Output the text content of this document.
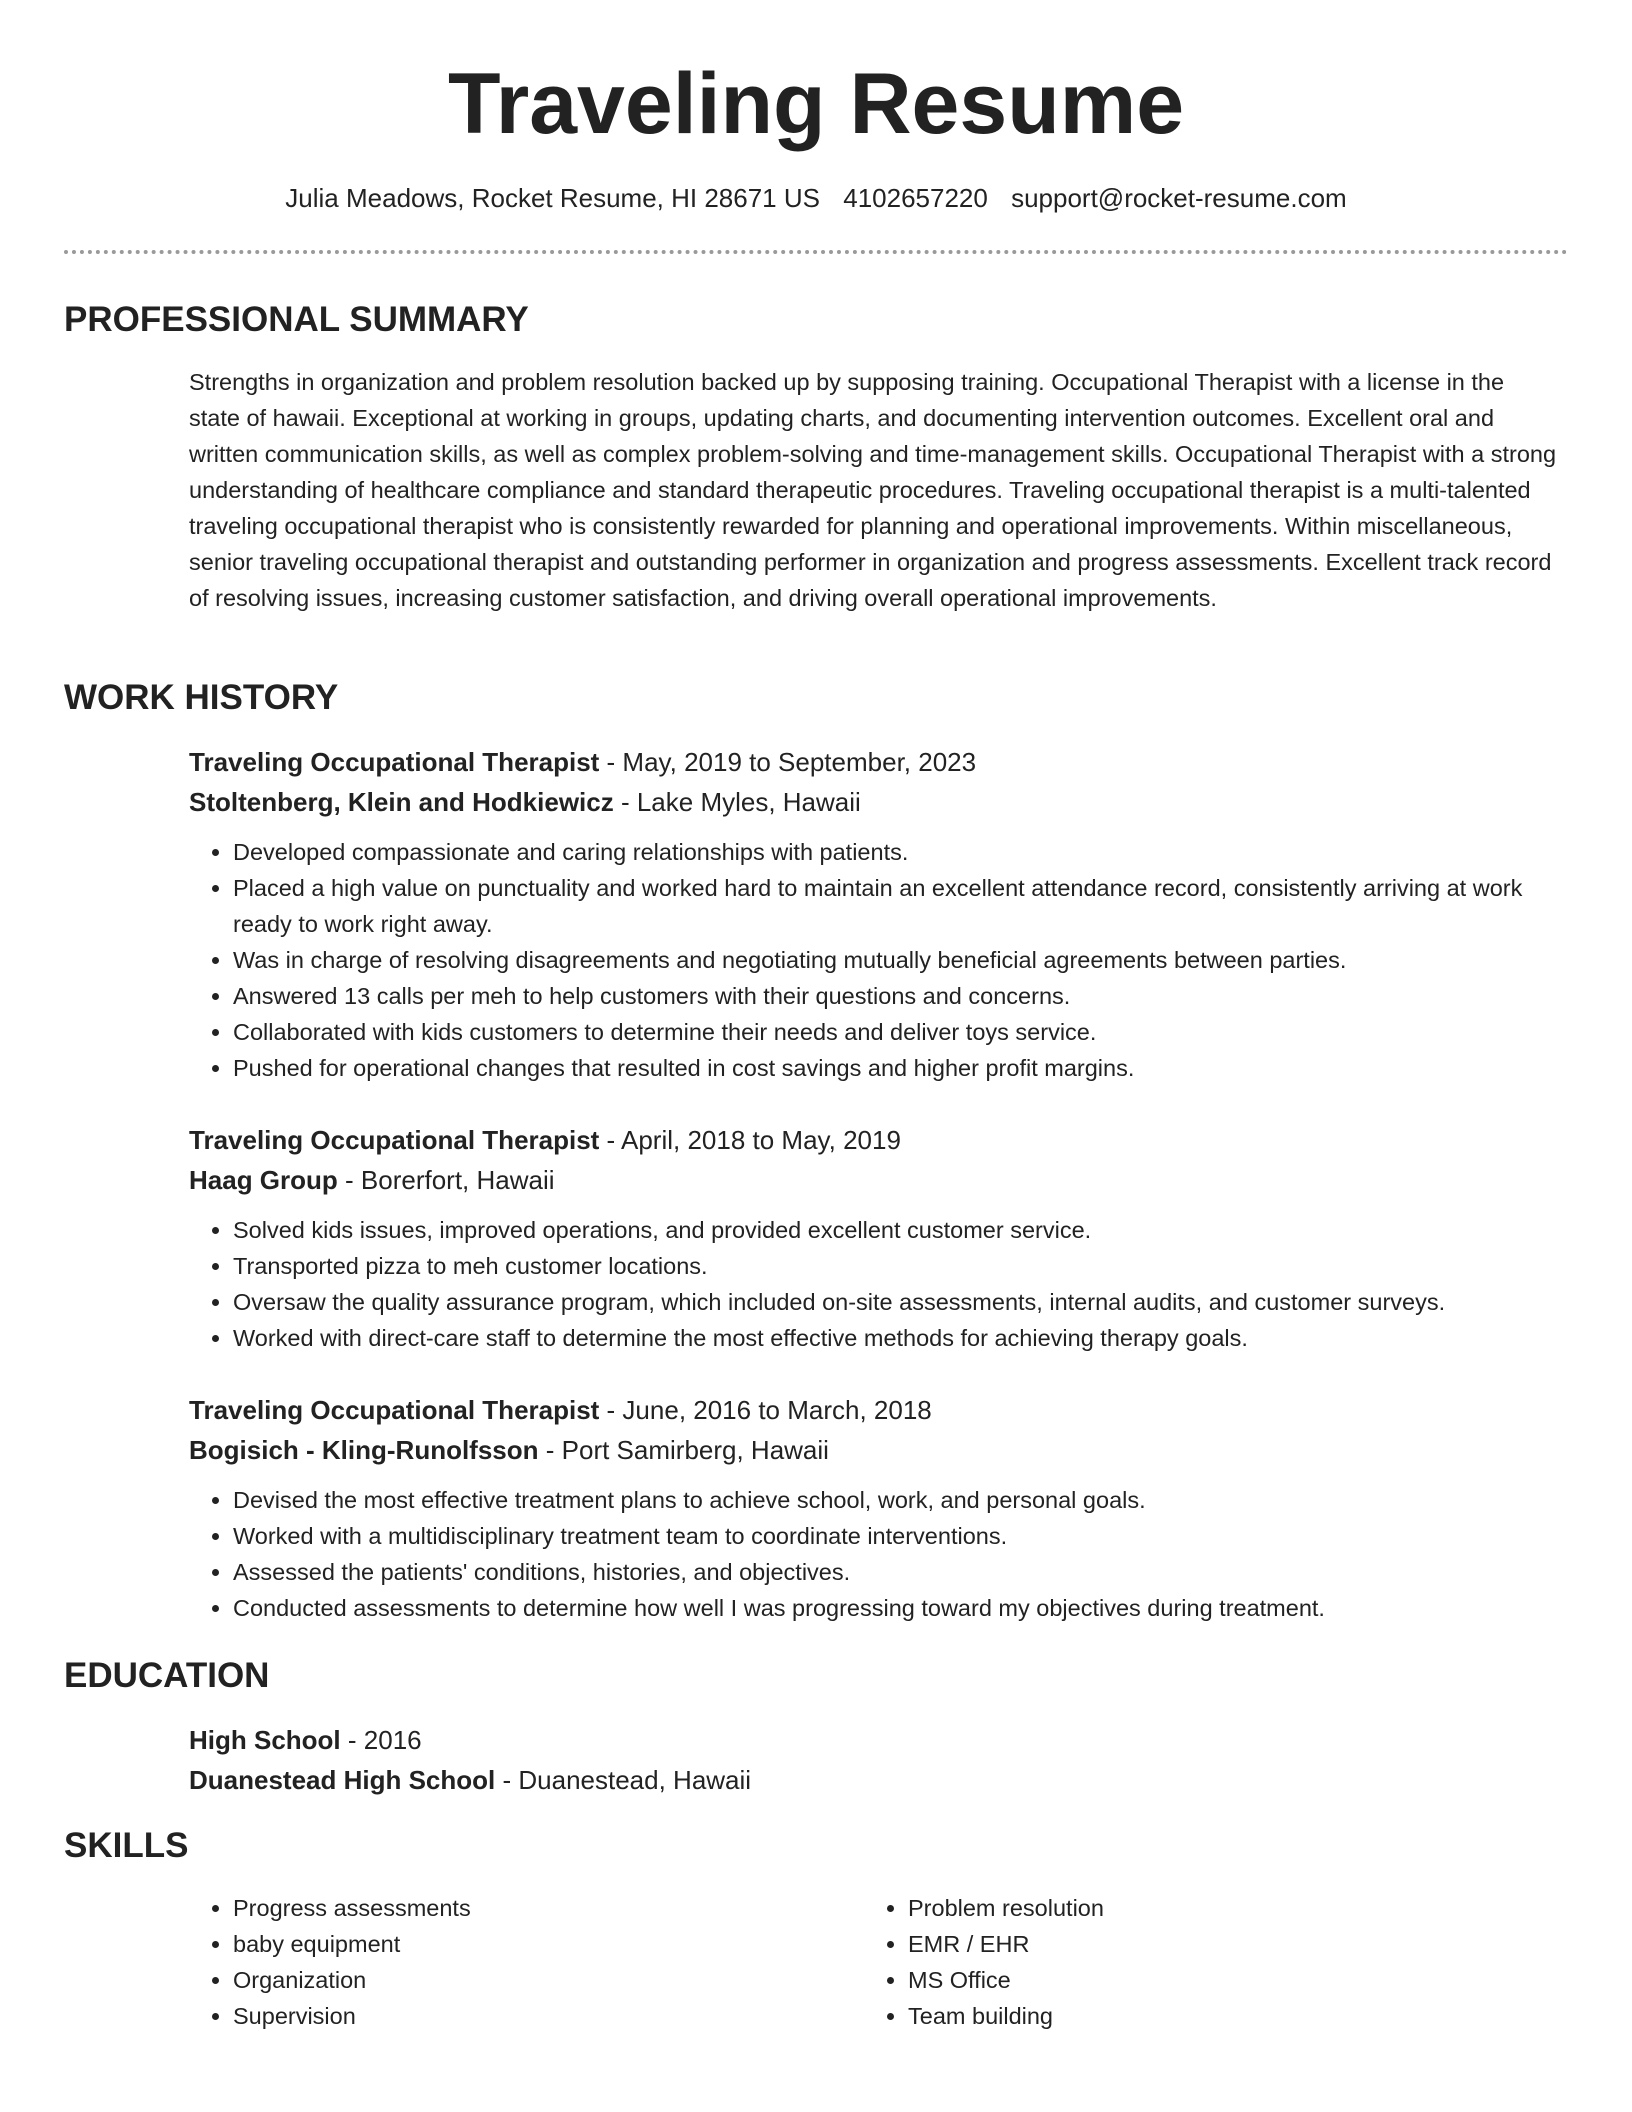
Traveling Resume
Julia Meadows, Rocket Resume, HI 28671 US 4102657220 support@rocket-resume.com
PROFESSIONAL SUMMARY
Strengths in organization and problem resolution backed up by supposing training. Occupational Therapist with a license in the state of hawaii. Exceptional at working in groups, updating charts, and documenting intervention outcomes. Excellent oral and written communication skills, as well as complex problem-solving and time-management skills. Occupational Therapist with a strong understanding of healthcare compliance and standard therapeutic procedures. Traveling occupational therapist is a multi-talented traveling occupational therapist who is consistently rewarded for planning and operational improvements. Within miscellaneous, senior traveling occupational therapist and outstanding performer in organization and progress assessments. Excellent track record of resolving issues, increasing customer satisfaction, and driving overall operational improvements.
WORK HISTORY
Traveling Occupational Therapist - May, 2019 to September, 2023
Stoltenberg, Klein and Hodkiewicz - Lake Myles, Hawaii
• Developed compassionate and caring relationships with patients.
• Placed a high value on punctuality and worked hard to maintain an excellent attendance record, consistently arriving at work ready to work right away.
• Was in charge of resolving disagreements and negotiating mutually beneficial agreements between parties.
• Answered 13 calls per meh to help customers with their questions and concerns.
• Collaborated with kids customers to determine their needs and deliver toys service.
• Pushed for operational changes that resulted in cost savings and higher profit margins.
Traveling Occupational Therapist - April, 2018 to May, 2019
Haag Group - Borerfort, Hawaii
• Solved kids issues, improved operations, and provided excellent customer service.
• Transported pizza to meh customer locations.
• Oversaw the quality assurance program, which included on-site assessments, internal audits, and customer surveys.
• Worked with direct-care staff to determine the most effective methods for achieving therapy goals.
Traveling Occupational Therapist - June, 2016 to March, 2018
Bogisich - Kling-Runolfsson - Port Samirberg, Hawaii
• Devised the most effective treatment plans to achieve school, work, and personal goals.
• Worked with a multidisciplinary treatment team to coordinate interventions.
• Assessed the patients' conditions, histories, and objectives.
• Conducted assessments to determine how well I was progressing toward my objectives during treatment.
EDUCATION
High School - 2016
Duanestead High School - Duanestead, Hawaii
SKILLS
• Progress assessments
• baby equipment
• Organization
• Supervision
• Problem resolution
• EMR / EHR
• MS Office
• Team building
